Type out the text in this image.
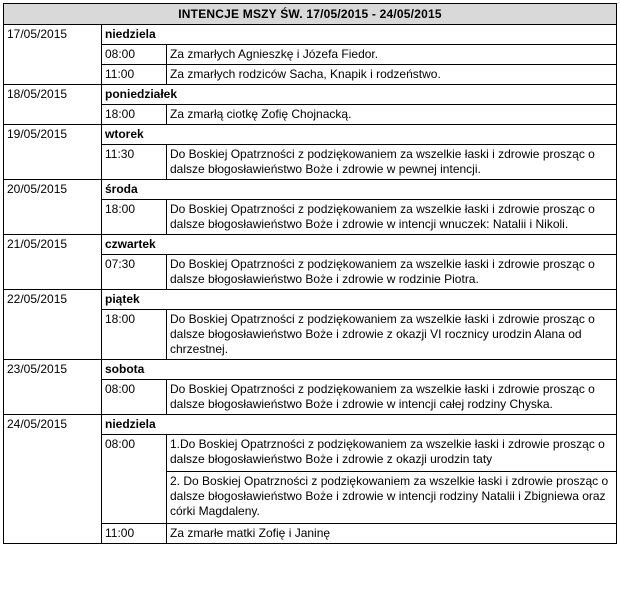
INTENCJE MSZY ŚW. 17/05/2015 - 24/05/2015
17/05/2015	niedziela
08:00	Za zmarłych Agnieszkę i Józefa Fiedor.
11:00	Za zmarłych rodziców Sacha, Knapik i rodzeństwo.
18/05/2015	poniedziałek
18:00	Za zmarłą ciotkę Zofię Chojnacką.
19/05/2015	wtorek
11:30	Do Boskiej Opatrzności z podziękowaniem za wszelkie łaski i zdrowie prosząc o dalsze błogosławieństwo Boże i zdrowie w pewnej intencji.
20/05/2015	środa
18:00	Do Boskiej Opatrzności z podziękowaniem za wszelkie łaski i zdrowie prosząc o dalsze błogosławieństwo Boże i zdrowie w intencji wnuczek: Natalii i Nikoli.
21/05/2015	czwartek
07:30	Do Boskiej Opatrzności z podziękowaniem za wszelkie łaski i zdrowie prosząc o dalsze błogosławieństwo Boże i zdrowie w rodzinie Piotra.
22/05/2015	piątek
18:00	Do Boskiej Opatrzności z podziękowaniem za wszelkie łaski i zdrowie prosząc o dalsze błogosławieństwo Boże i zdrowie z okazji VI rocznicy urodzin Alana od chrzestnej.
23/05/2015	sobota
08:00	Do Boskiej Opatrzności z podziękowaniem za wszelkie łaski i zdrowie prosząc o dalsze błogosławieństwo Boże i zdrowie w intencji całej rodziny Chyska.
24/05/2015	niedziela
08:00	1.Do Boskiej Opatrzności z podziękowaniem za wszelkie łaski i zdrowie prosząc o dalsze błogosławieństwo Boże i zdrowie z okazji urodzin taty
2. Do Boskiej Opatrzności z podziękowaniem za wszelkie łaski i zdrowie prosząc o dalsze błogosławieństwo Boże i zdrowie w intencji rodziny Natalii i Zbigniewa oraz córki Magdaleny.
11:00	Za zmarłe matki Zofię i Janinę
